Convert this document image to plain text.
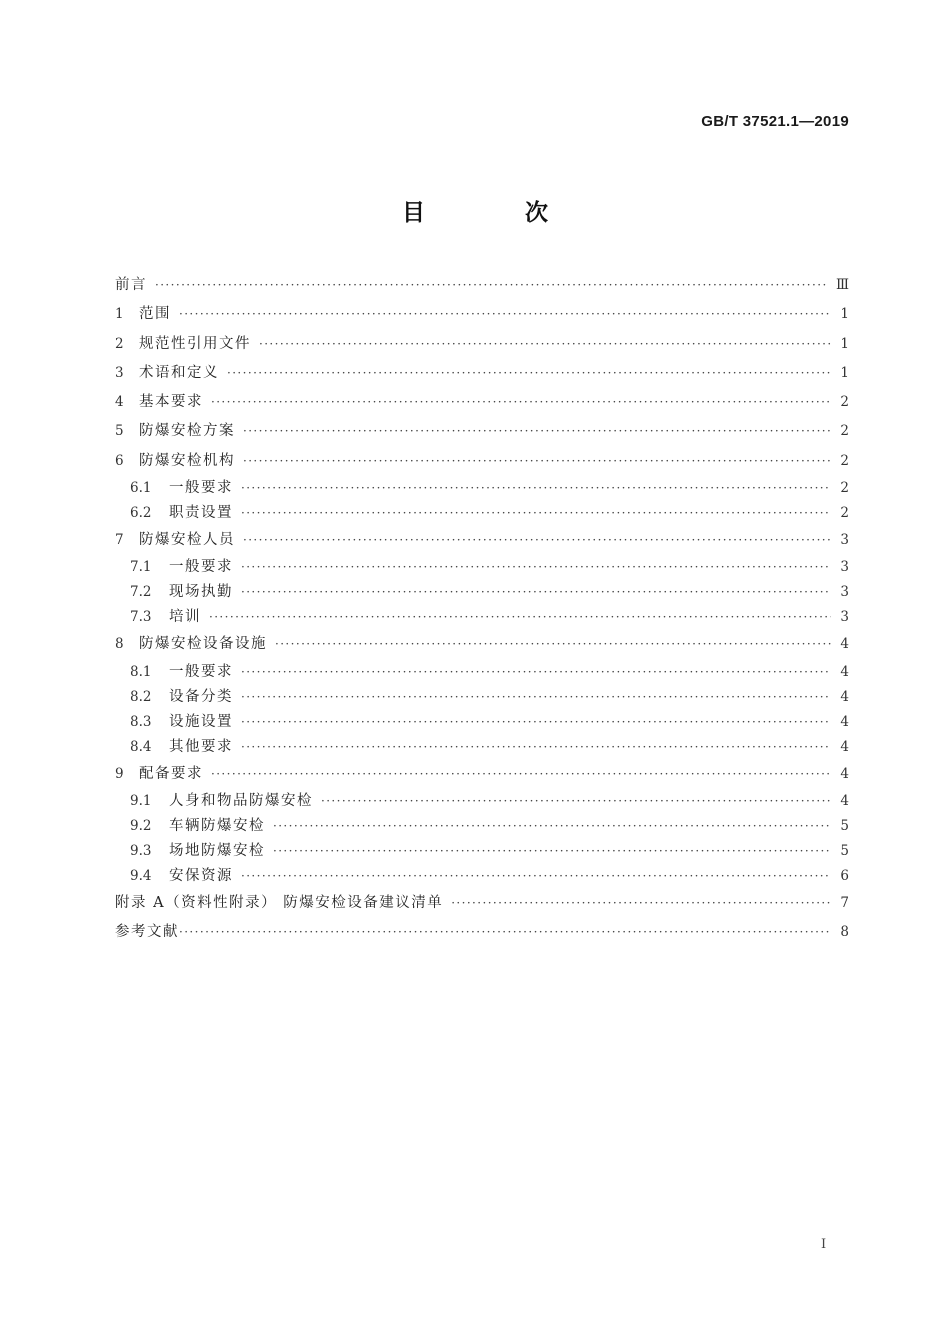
GB/T 37521.1—2019
目 次
前言 ·····	Ⅲ
1	范围 ·····	1
2	规范性引用文件 ·····	1
3	术语和定义 ·····	1
4	基本要求 ·····	2
5	防爆安检方案 ·····	2
6	防爆安检机构 ·····	2
6.1	一般要求 ·····	2
6.2	职责设置 ·····	2
7	防爆安检人员 ·····	3
7.1	一般要求 ·····	3
7.2	现场执勤 ·····	3
7.3	培训 ·····	3
8	防爆安检设备设施 ·····	4
8.1	一般要求 ·····	4
8.2	设备分类 ·····	4
8.3	设施设置 ·····	4
8.4	其他要求 ·····	4
9	配备要求 ·····	4
9.1	人身和物品防爆安检 ·····	4
9.2	车辆防爆安检 ·····	5
9.3	场地防爆安检 ·····	5
9.4	安保资源 ·····	6
附录 A（资料性附录） 防爆安检设备建议清单 ·····	7
参考文献 ·····	8
I
